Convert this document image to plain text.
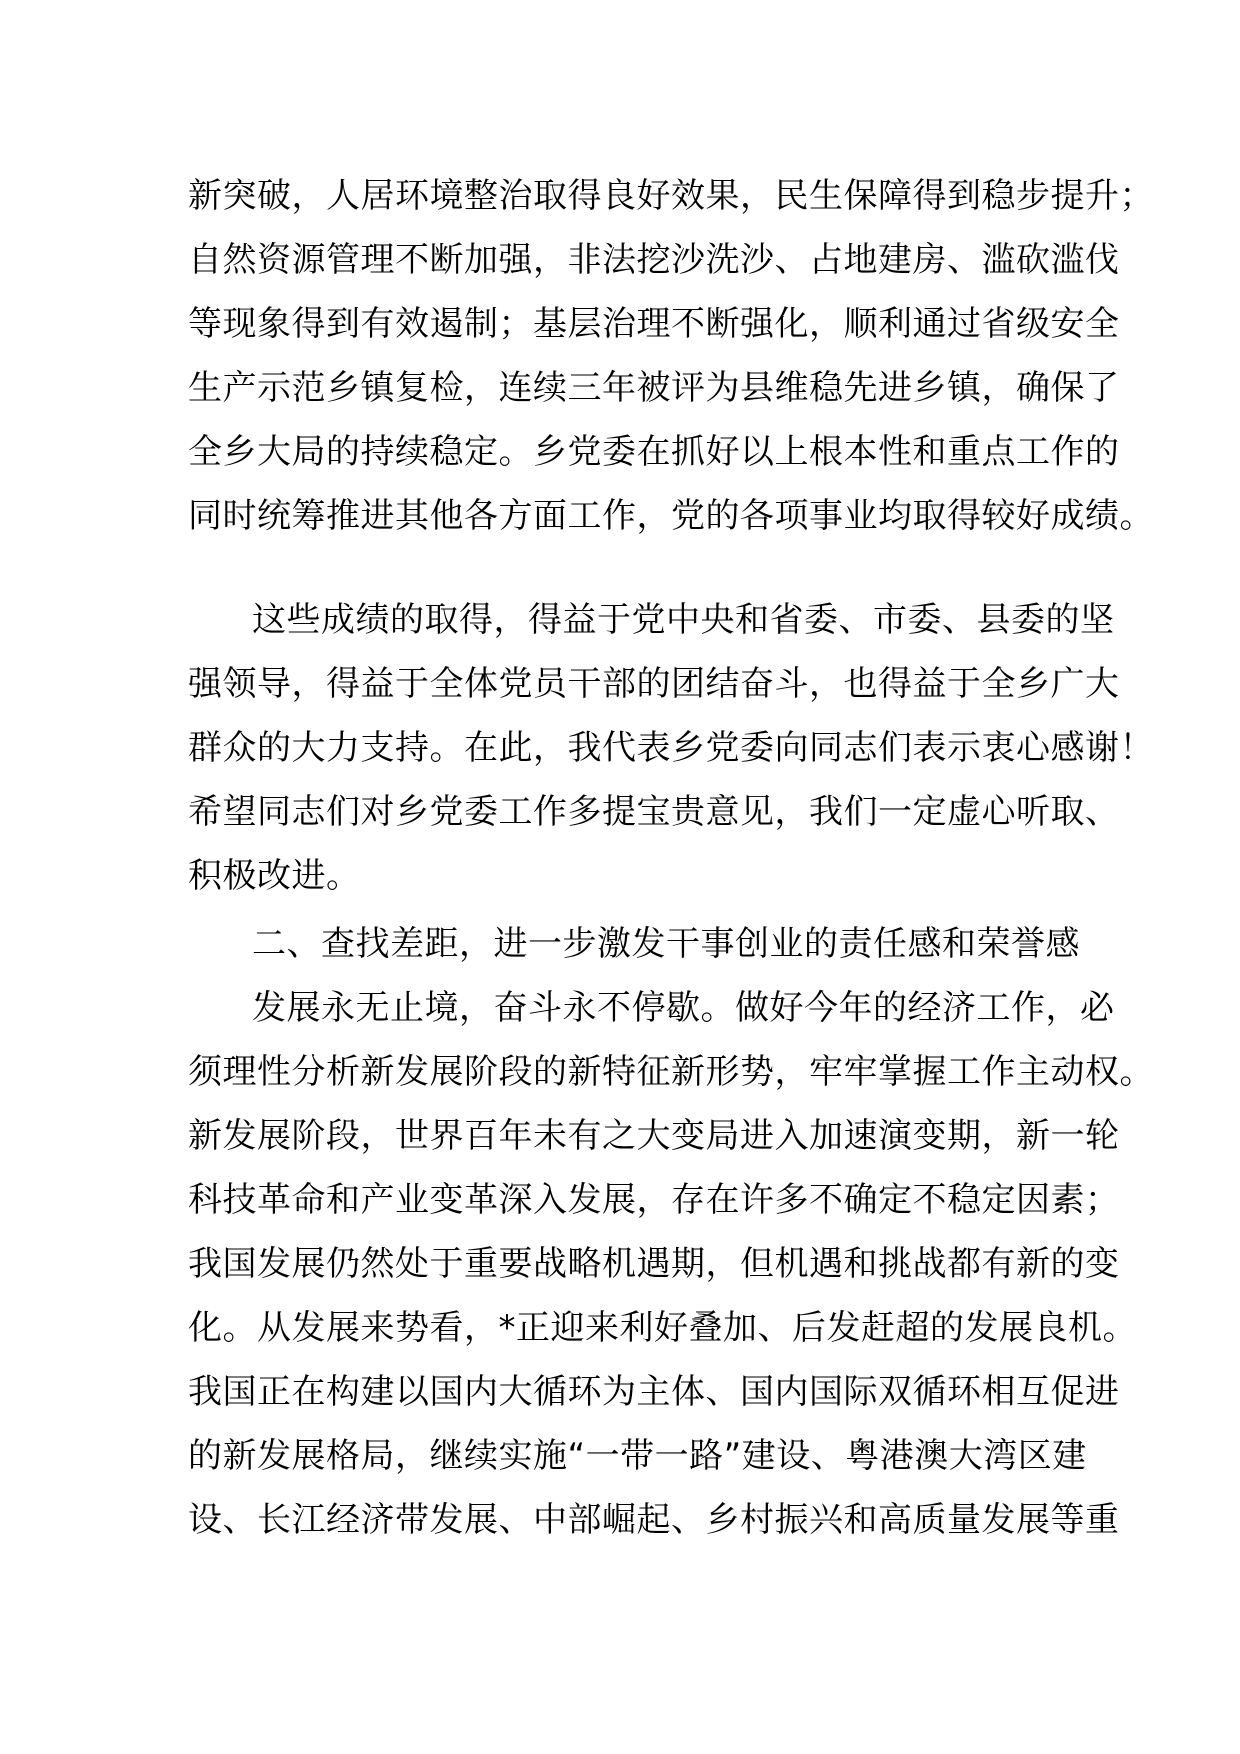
新突破，人居环境整治取得良好效果，民生保障得到稳步提升；
自然资源管理不断加强，非法挖沙洗沙、占地建房、滥砍滥伐
等现象得到有效遏制；基层治理不断强化，顺利通过省级安全
生产示范乡镇复检，连续三年被评为县维稳先进乡镇，确保了
全乡大局的持续稳定。乡党委在抓好以上根本性和重点工作的
同时统筹推进其他各方面工作，党的各项事业均取得较好成绩。
这些成绩的取得，得益于党中央和省委、市委、县委的坚
强领导，得益于全体党员干部的团结奋斗，也得益于全乡广大
群众的大力支持。在此，我代表乡党委向同志们表示衷心感谢！
希望同志们对乡党委工作多提宝贵意见，我们一定虚心听取、
积极改进。
二、查找差距，进一步激发干事创业的责任感和荣誉感
发展永无止境，奋斗永不停歇。做好今年的经济工作，必
须理性分析新发展阶段的新特征新形势，牢牢掌握工作主动权。
新发展阶段，世界百年未有之大变局进入加速演变期，新一轮
科技革命和产业变革深入发展，存在许多不确定不稳定因素；
我国发展仍然处于重要战略机遇期，但机遇和挑战都有新的变
化。从发展来势看，*正迎来利好叠加、后发赶超的发展良机。
我国正在构建以国内大循环为主体、国内国际双循环相互促进
的新发展格局，继续实施“一带一路”建设、粤港澳大湾区建
设、长江经济带发展、中部崛起、乡村振兴和高质量发展等重
